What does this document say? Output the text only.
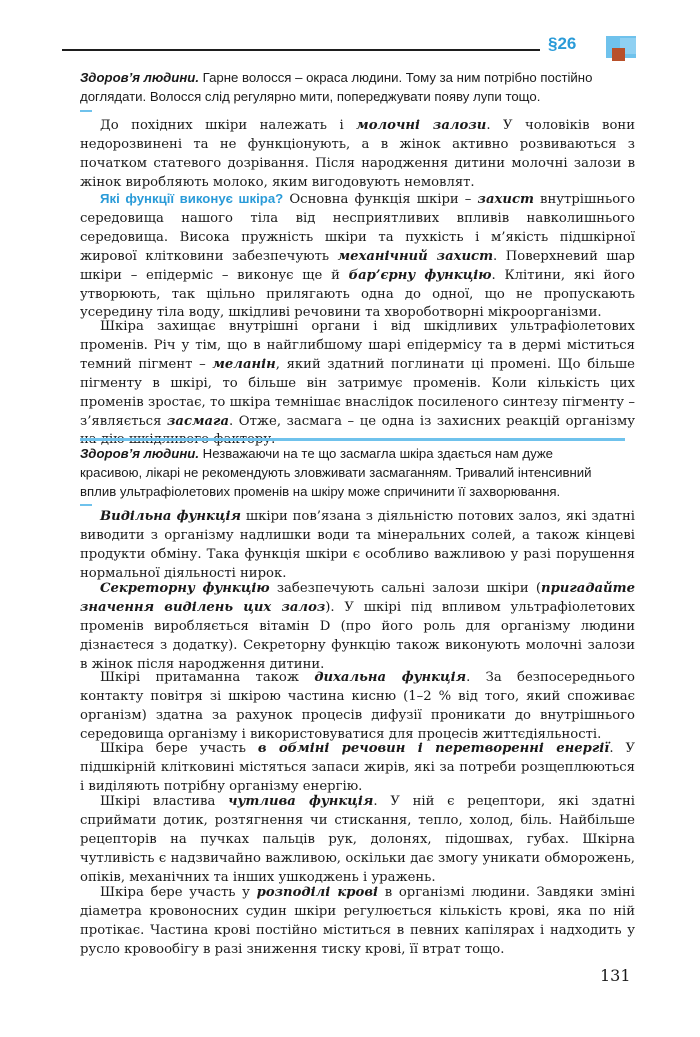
§26
Здоров’я людини. Гарне волосся – окраса людини. Тому за ним потрібно постійно доглядати. Волосся слід регулярно мити, попереджувати появу лупи тощо.
До похідних шкіри належать і молочні залози. У чоловіків вони недорозвинені та не функціонують, а в жінок активно розвиваються з початком статевого дозрівання. Після народження дитини молочні залози в жінок виробляють молоко, яким вигодовують немовлят.
Які функції виконує шкіра? Основна функція шкіри – захист внутрішнього середовища нашого тіла від несприятливих впливів навколишнього середовища. Висока пружність шкіри та пухкість і м’якість підшкірної жирової клітковини забезпечують механічний захист. Поверхневий шар шкіри – епідерміс – виконує ще й бар’єрну функцію. Клітини, які його утворюють, так щільно прилягають одна до одної, що не пропускають усередину тіла воду, шкідливі речовини та хвороботворні мікроорганізми.
Шкіра захищає внутрішні органи і від шкідливих ультрафіолетових променів. Річ у тім, що в найглибшому шарі епідермісу та в дермі міститься темний пігмент – меланін, який здатний поглинати ці промені. Що більше пігменту в шкірі, то більше він затримує променів. Коли кількість цих променів зростає, то шкіра темнішає внаслідок посиленого синтезу пігменту – з’являється засмага. Отже, засмага – це одна із захисних реакцій організму
Здоров’я людини. Незважаючи на те що засмагла шкіра здається нам дуже красивою, лікарі не рекомендують зловживати засмаганням. Тривалий інтенсивний вплив ультрафіолетових променів на шкіру може спричинити її захворювання.
Видільна функція шкіри пов’язана з діяльністю потових залоз, які здатні виводити з організму надлишки води та мінеральних солей, а також кінцеві продукти обміну. Така функція шкіри є особливо важливою у разі порушення нормальної діяльності нирок.
Секреторну функцію забезпечують сальні залози шкіри (пригадайте значення виділень цих залоз). У шкірі під впливом ультрафіолетових променів виробляється вітамін D (про його роль для організму людини дізнаєтеся з додатку). Секреторну функцію також виконують молочні залози в жінок після народження дитини.
Шкірі притаманна також дихальна функція. За безпосереднього контакту повітря зі шкірою частина кисню (1–2 % від того, який споживає організм) здатна за рахунок процесів дифузії проникати до внутрішнього середовища організму і використовуватися для процесів життєдіяльності.
Шкіра бере участь в обміні речовин і перетворенні енергії. У підшкірній клітковині містяться запаси жирів, які за потреби розщеплюються і виділяють потрібну організму енергію.
Шкірі властива чутлива функція. У ній є рецептори, які здатні сприймати дотик, розтягнення чи стискання, тепло, холод, біль. Найбільше рецепторів на пучках пальців рук, долонях, підошвах, губах. Шкірна чутливість є надзвичайно важливою, оскільки дає змогу уникати обморожень, опіків, механічних та інших ушкоджень і уражень.
Шкіра бере участь у розподілі крові в організмі людини. Завдяки зміні діаметра кровоносних судин шкіри регулюється кількість крові, яка по ній протікає. Частина крові постійно міститься в певних капілярах і надходить у русло кровообігу в разі зниження тиску крові, її втрат тощо.
131
